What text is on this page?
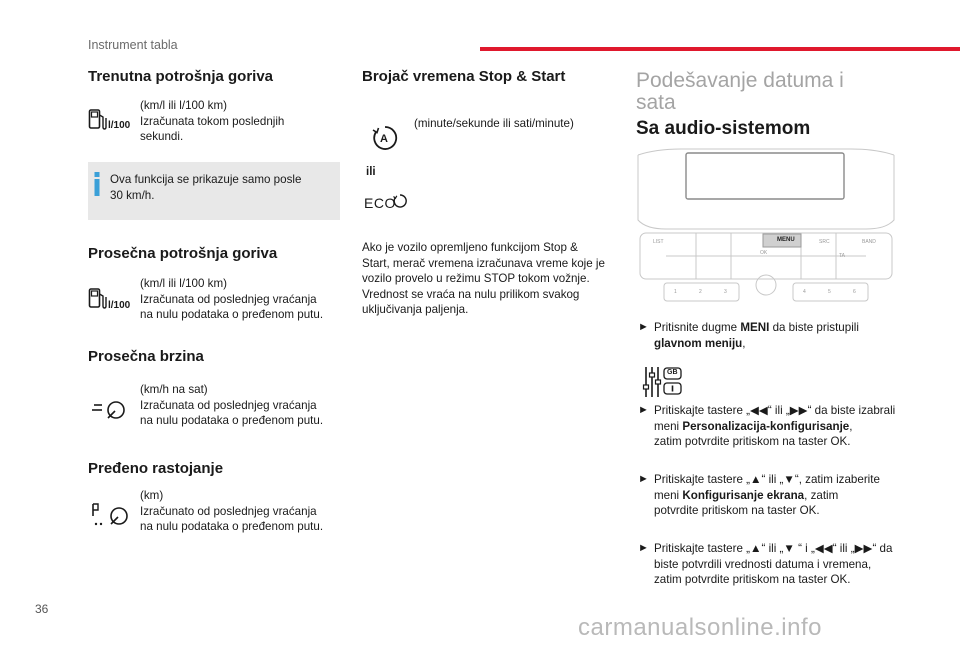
Instrument tabla
Trenutna potrošnja goriva
l/100
(km/l ili l/100 km)
Izračunata tokom poslednjih
sekundi.
Ova funkcija se prikazuje samo posle
30 km/h.
Prosečna potrošnja goriva
l/100
(km/l ili l/100 km)
Izračunata od poslednjeg vraćanja
na nulu podataka o pređenom putu.
Prosečna brzina
(km/h na sat)
Izračunata od poslednjeg vraćanja
na nulu podataka o pređenom putu.
Pređeno rastojanje
(km)
Izračunato od poslednjeg vraćanja
na nulu podataka o pređenom putu.
Brojač vremena Stop & Start
(minute/sekunde ili sati/minute)
A
ili
ECO
Ako je vozilo opremljeno funkcijom Stop &
Start, merač vremena izračunava vreme koje je
vozilo provelo u režimu STOP tokom vožnje.
Vrednost se vraća na nulu prilikom svakog
uključivanja paljenja.
Podešavanje datuma i
sata
Sa audio-sistemom
LIST	MENU
OK
SRC	BAND
TA
1	2	3	4	5	6
► Pritisnite dugme MENI da biste pristupili
glavnom meniju,
GB
► Pritiskajte tastere „◀◀“ ili „▶▶“ da biste izabrali
meni Personalizacija-konfigurisanje,
zatim potvrdite pritiskom na taster OK.
► Pritiskajte tastere „▲“ ili „▼“, zatim izaberite
meni Konfigurisanje ekrana, zatim
potvrdite pritiskom na taster OK.
► Pritiskajte tastere „▲“ ili „▼ “ i „◀◀“ ili „▶▶“ da
biste potvrdili vrednosti datuma i vremena,
zatim potvrdite pritiskom na taster OK.
36
carmanualsonline.info
